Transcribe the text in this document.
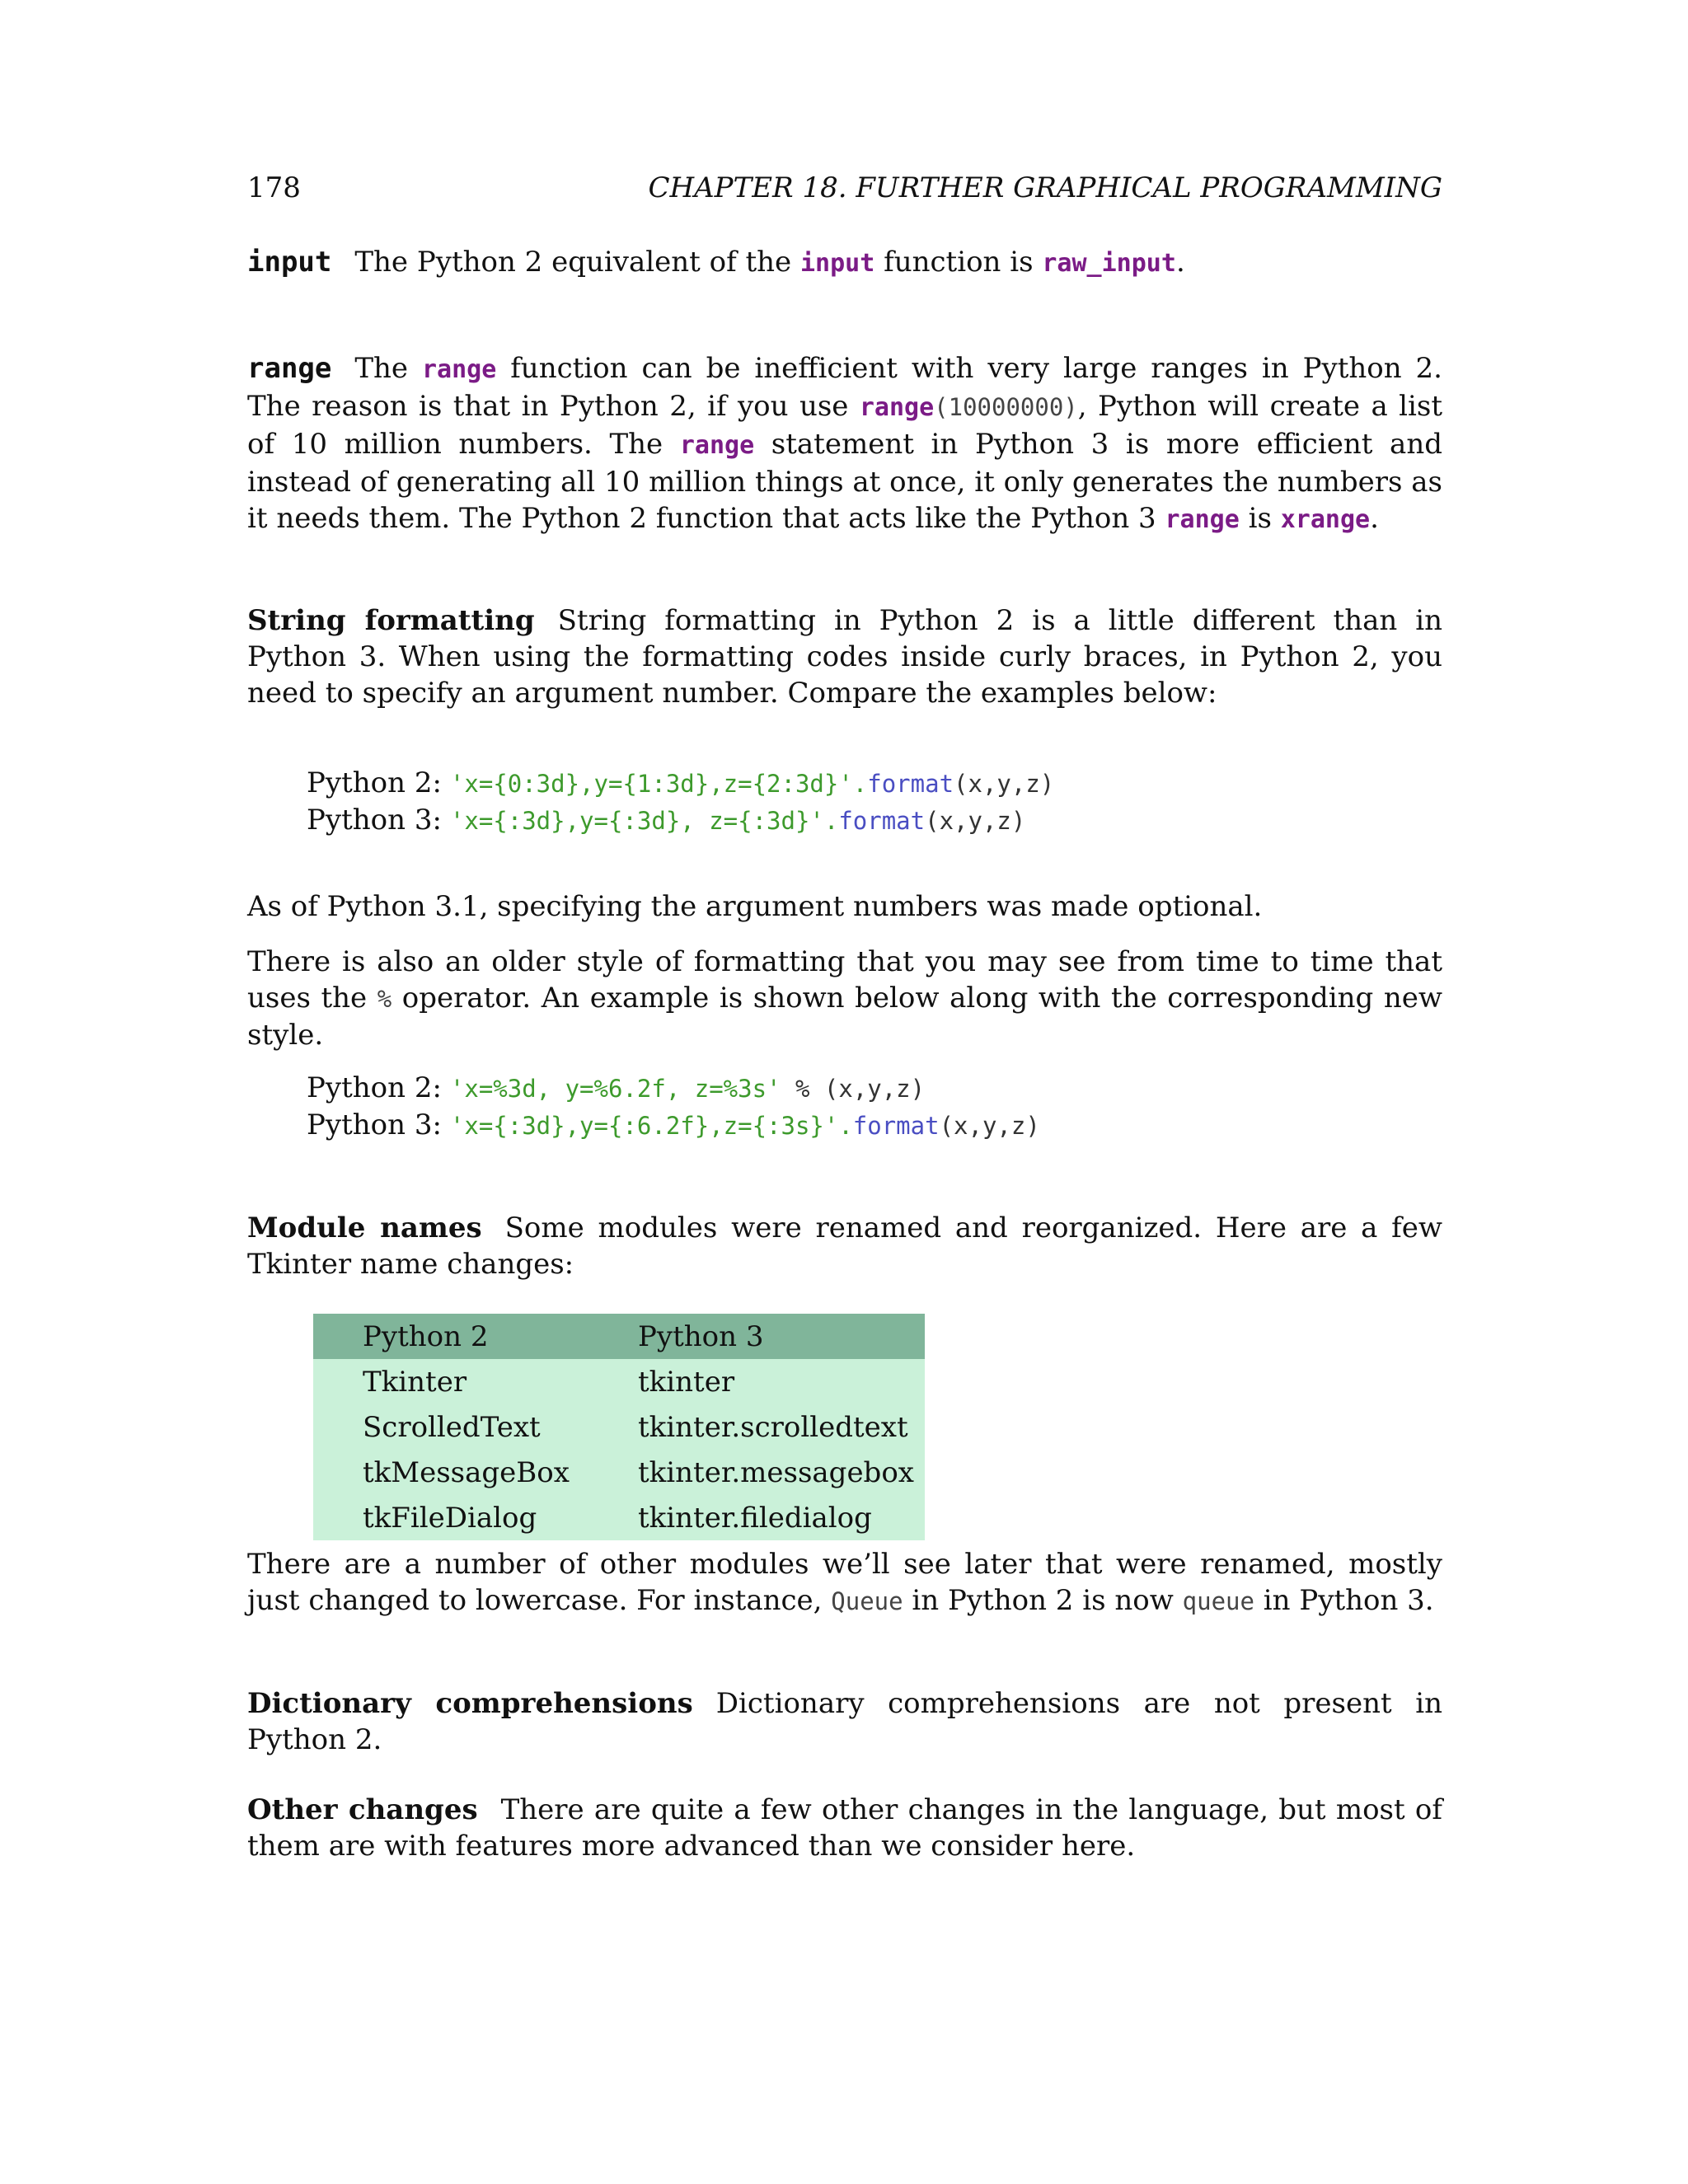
178	CHAPTER 18. FURTHER GRAPHICAL PROGRAMMING
input The Python 2 equivalent of the input function is raw_input.
range The range function can be inefficient with very large ranges in Python 2. The reason is that in Python 2, if you use range(10000000), Python will create a list of 10 million numbers. The range statement in Python 3 is more efficient and instead of generating all 10 million things at once, it only generates the numbers as it needs them. The Python 2 function that acts like the Python 3 range is xrange.
String formatting String formatting in Python 2 is a little different than in Python 3. When using the formatting codes inside curly braces, in Python 2, you need to specify an argument number. Compare the examples below:
Python 2: 'x={0:3d},y={1:3d},z={2:3d}'.format(x,y,z)
Python 3: 'x={:3d},y={:3d}, z={:3d}'.format(x,y,z)
As of Python 3.1, specifying the argument numbers was made optional.
There is also an older style of formatting that you may see from time to time that uses the % operator. An example is shown below along with the corresponding new style.
Python 2: 'x=%3d, y=%6.2f, z=%3s' % (x,y,z)
Python 3: 'x={:3d},y={:6.2f},z={:3s}'.format(x,y,z)
Module names Some modules were renamed and reorganized. Here are a few Tkinter name changes:
Python 2	Python 3
Tkinter	tkinter
ScrolledText	tkinter.scrolledtext
tkMessageBox	tkinter.messagebox
tkFileDialog	tkinter.filedialog
There are a number of other modules we’ll see later that were renamed, mostly just changed to lowercase. For instance, Queue in Python 2 is now queue in Python 3.
Dictionary comprehensions Dictionary comprehensions are not present in Python 2.
Other changes There are quite a few other changes in the language, but most of them are with features more advanced than we consider here.
